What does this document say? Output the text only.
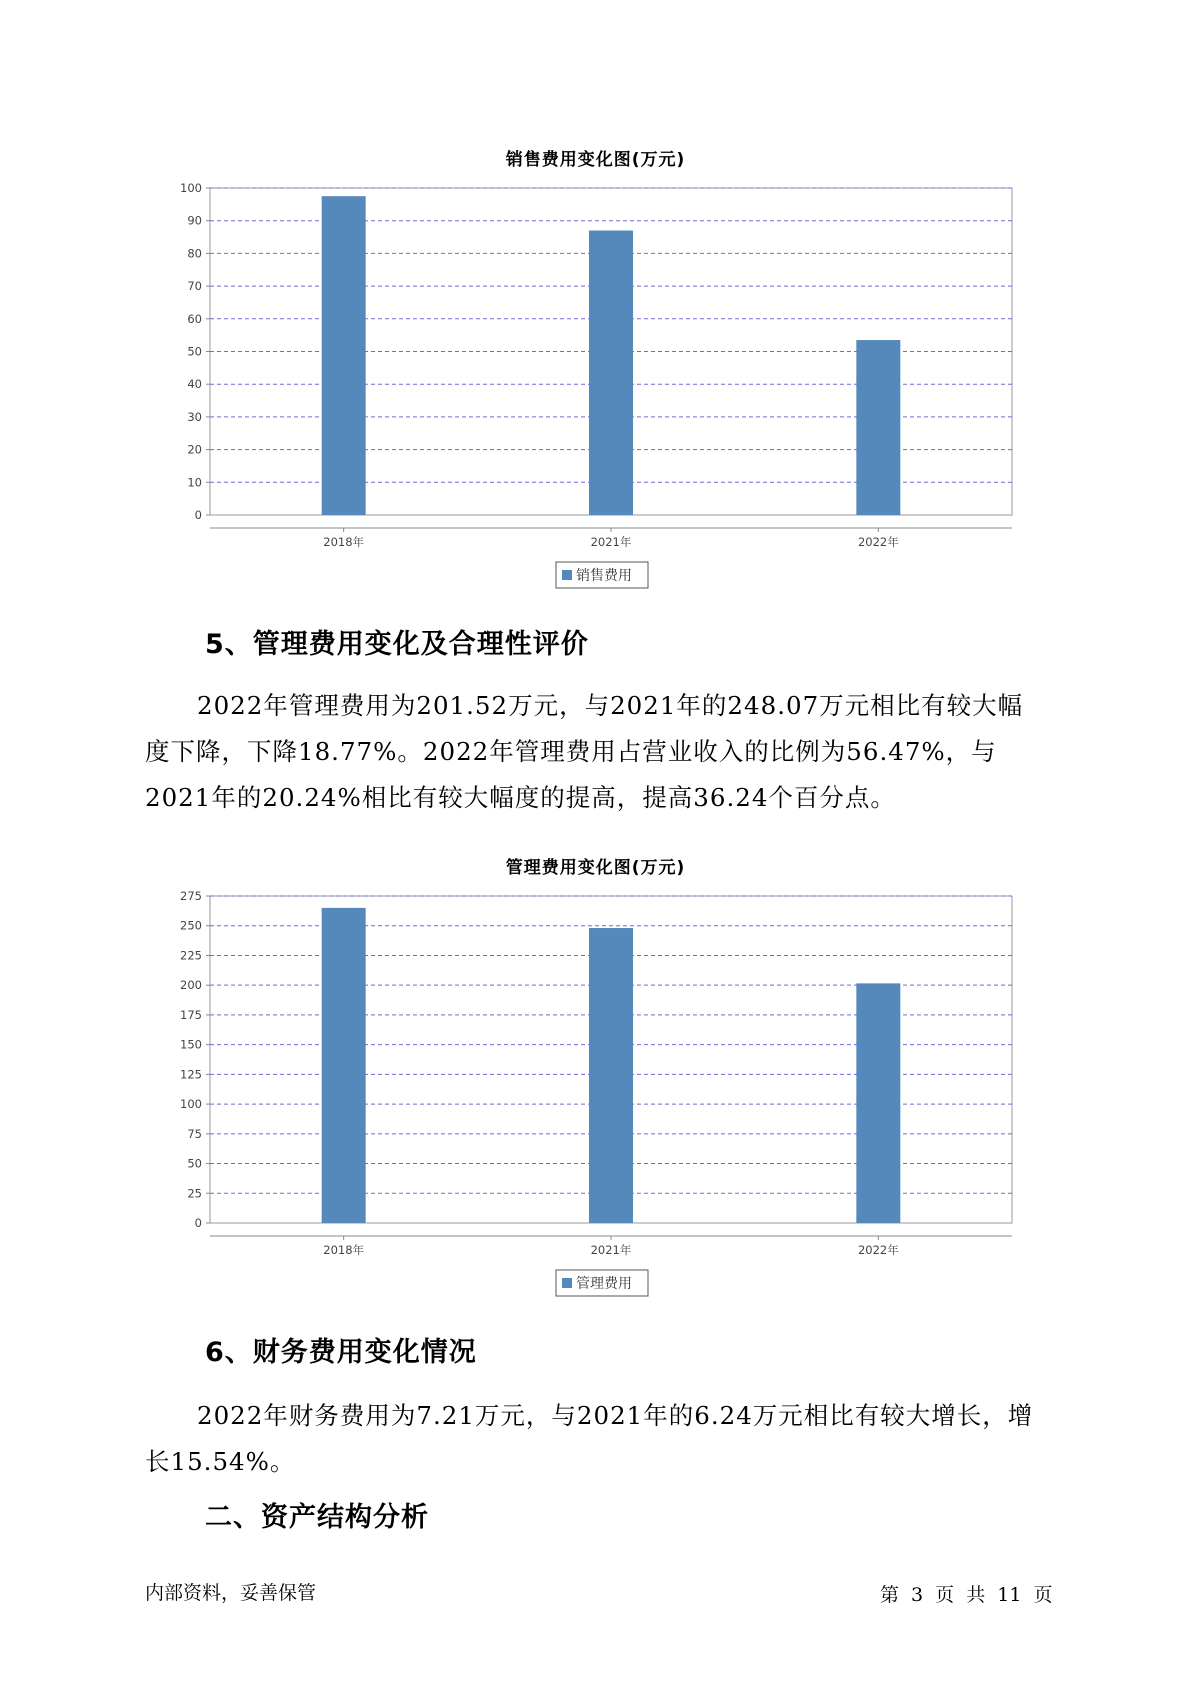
销售费用变化图(万元)
0
10
20
30
40
50
60
70
80
90
100
2018年	2021年	2022年
销售费用
5、管理费用变化及合理性评价

2022年管理费用为201.52万元，与2021年的248.07万元相比有较大幅度下降，下降18.77%。2022年管理费用占营业收入的比例为56.47%，与2021年的20.24%相比有较大幅度的提高，提高36.24个百分点。

管理费用变化图(万元)
0
25
50
75
100
125
150
175
200
225
250
275
2018年	2021年	2022年
管理费用
6、财务费用变化情况

2022年财务费用为7.21万元，与2021年的6.24万元相比有较大增长，增长15.54%。

二、资产结构分析
内部资料，妥善保管	第 3 页 共 11 页
